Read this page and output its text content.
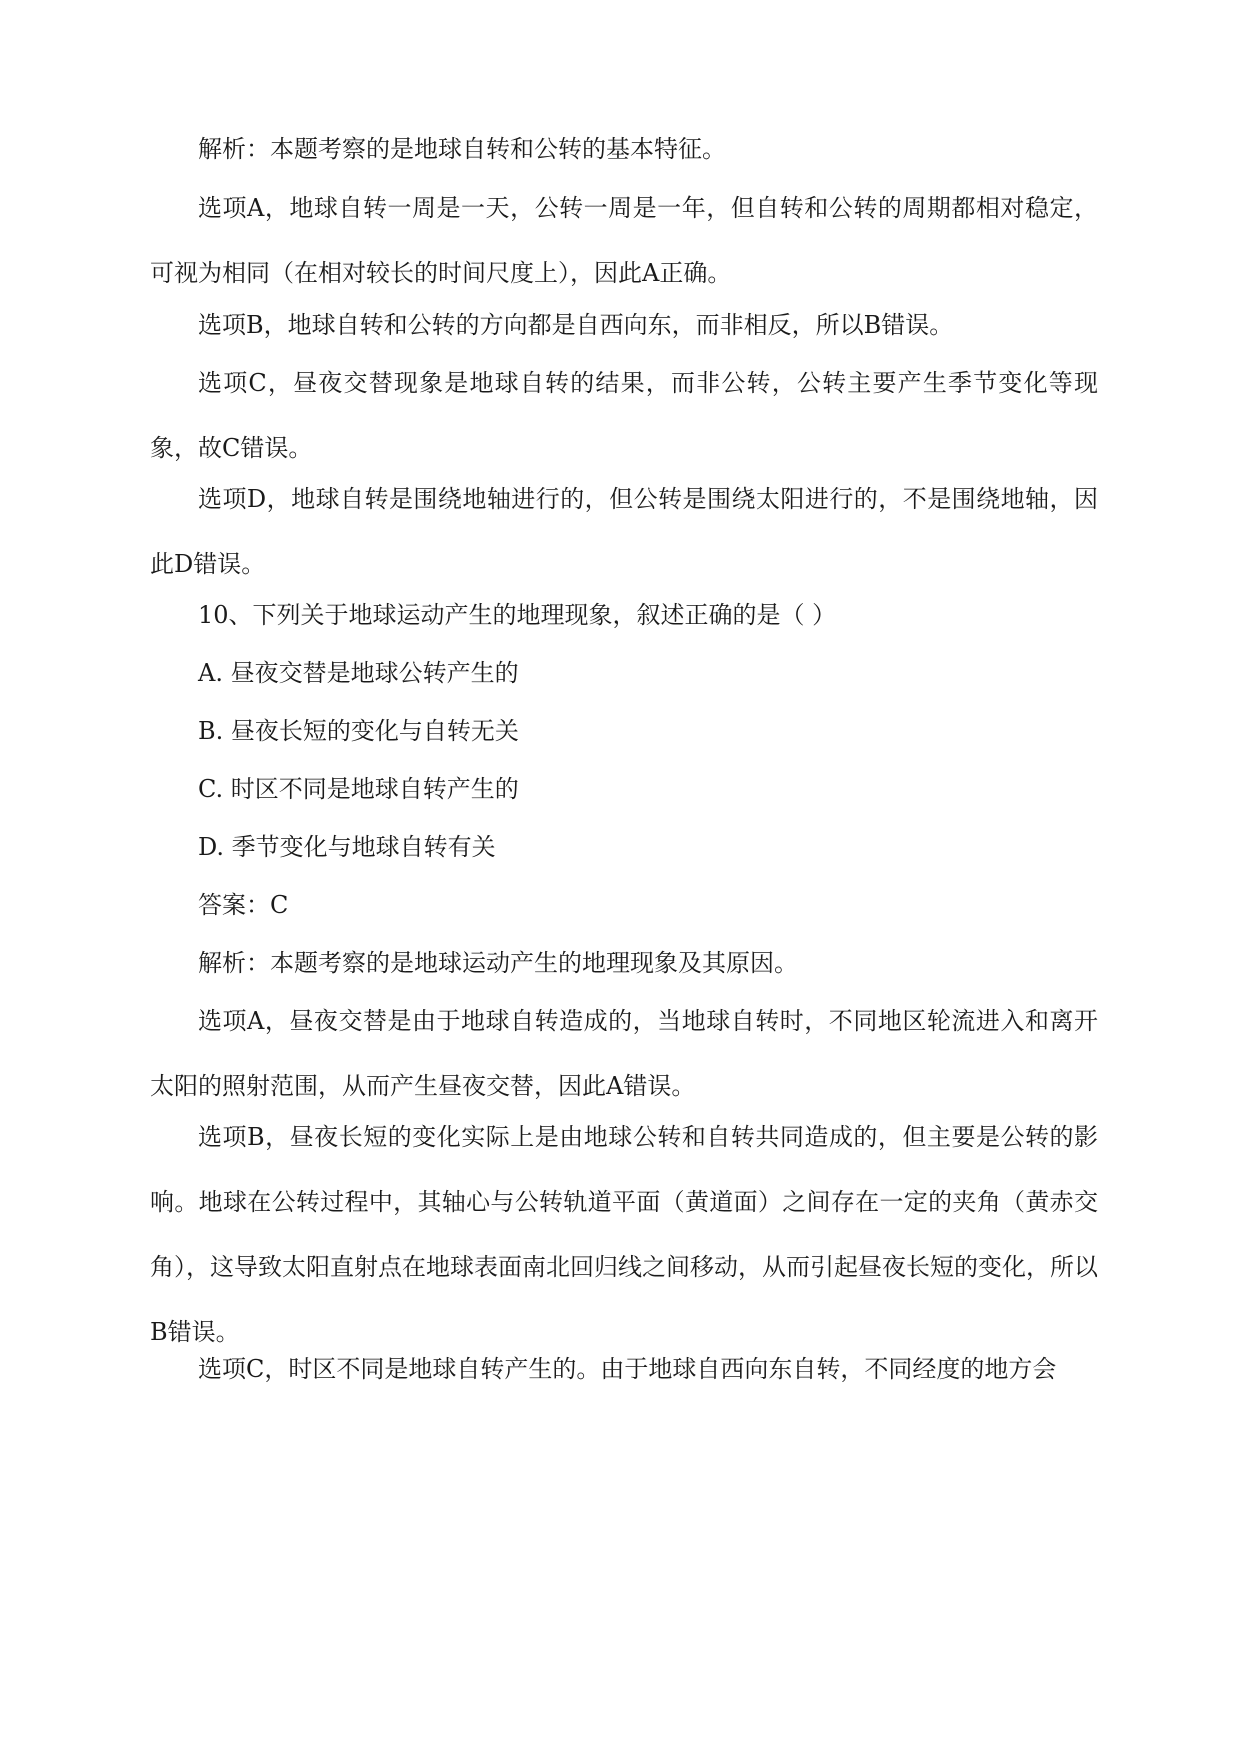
解析：本题考察的是地球自转和公转的基本特征。

选项A，地球自转一周是一天，公转一周是一年，但自转和公转的周期都相对稳定，可视为相同（在相对较长的时间尺度上），因此A正确。

选项B，地球自转和公转的方向都是自西向东，而非相反，所以B错误。

选项C，昼夜交替现象是地球自转的结果，而非公转，公转主要产生季节变化等现象，故C错误。

选项D，地球自转是围绕地轴进行的，但公转是围绕太阳进行的，不是围绕地轴，因此D错误。

10、下列关于地球运动产生的地理现象，叙述正确的是（ ）

A. 昼夜交替是地球公转产生的

B. 昼夜长短的变化与自转无关

C. 时区不同是地球自转产生的

D. 季节变化与地球自转有关

答案：C

解析：本题考察的是地球运动产生的地理现象及其原因。

选项A，昼夜交替是由于地球自转造成的，当地球自转时，不同地区轮流进入和离开太阳的照射范围，从而产生昼夜交替，因此A错误。

选项B，昼夜长短的变化实际上是由地球公转和自转共同造成的，但主要是公转的影响。地球在公转过程中，其轴心与公转轨道平面（黄道面）之间存在一定的夹角（黄赤交角），这导致太阳直射点在地球表面南北回归线之间移动，从而引起昼夜长短的变化，所以B错误。

选项C，时区不同是地球自转产生的。由于地球自西向东自转，不同经度的地方会
